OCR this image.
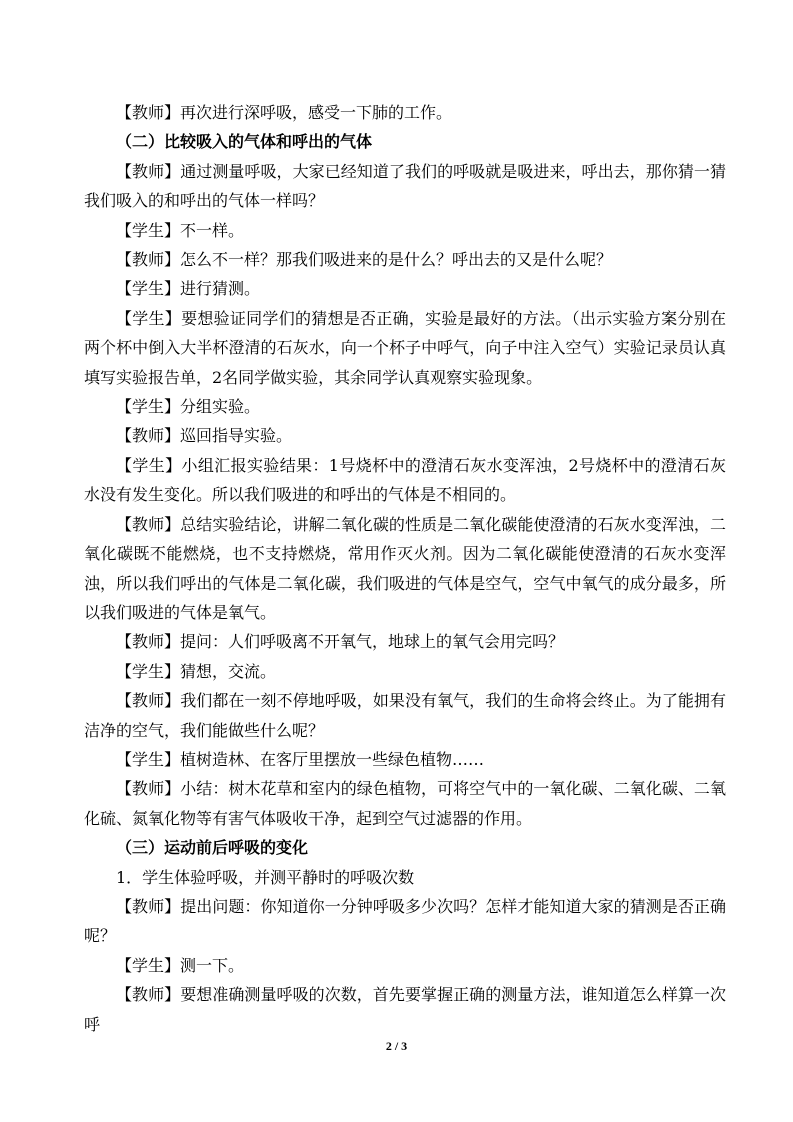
【教师】再次进行深呼吸，感受一下肺的工作。

（二）比较吸入的气体和呼出的气体

【教师】通过测量呼吸，大家已经知道了我们的呼吸就是吸进来，呼出去，那你猜一猜我们吸入的和呼出的气体一样吗？

【学生】不一样。

【教师】怎么不一样？那我们吸进来的是什么？呼出去的又是什么呢？

【学生】进行猜测。

【学生】要想验证同学们的猜想是否正确，实验是最好的方法。（出示实验方案分别在两个杯中倒入大半杯澄清的石灰水，向一个杯子中呼气，向子中注入空气）实验记录员认真填写实验报告单，2名同学做实验，其余同学认真观察实验现象。

【学生】分组实验。

【教师】巡回指导实验。

【学生】小组汇报实验结果：1号烧杯中的澄清石灰水变浑浊，2号烧杯中的澄清石灰水没有发生变化。所以我们吸进的和呼出的气体是不相同的。

【教师】总结实验结论，讲解二氧化碳的性质是二氧化碳能使澄清的石灰水变浑浊，二氧化碳既不能燃烧，也不支持燃烧，常用作灭火剂。因为二氧化碳能使澄清的石灰水变浑浊，所以我们呼出的气体是二氧化碳，我们吸进的气体是空气，空气中氧气的成分最多，所以我们吸进的气体是氧气。

【教师】提问：人们呼吸离不开氧气，地球上的氧气会用完吗？

【学生】猜想，交流。

【教师】我们都在一刻不停地呼吸，如果没有氧气，我们的生命将会终止。为了能拥有洁净的空气，我们能做些什么呢？

【学生】植树造林、在客厅里摆放一些绿色植物……

【教师】小结：树木花草和室内的绿色植物，可将空气中的一氧化碳、二氧化碳、二氧化硫、氮氧化物等有害气体吸收干净，起到空气过滤器的作用。

（三）运动前后呼吸的变化

1．学生体验呼吸，并测平静时的呼吸次数

【教师】提出问题：你知道你一分钟呼吸多少次吗？怎样才能知道大家的猜测是否正确呢？

【学生】测一下。

【教师】要想准确测量呼吸的次数，首先要掌握正确的测量方法，谁知道怎么样算一次呼

2 / 3
